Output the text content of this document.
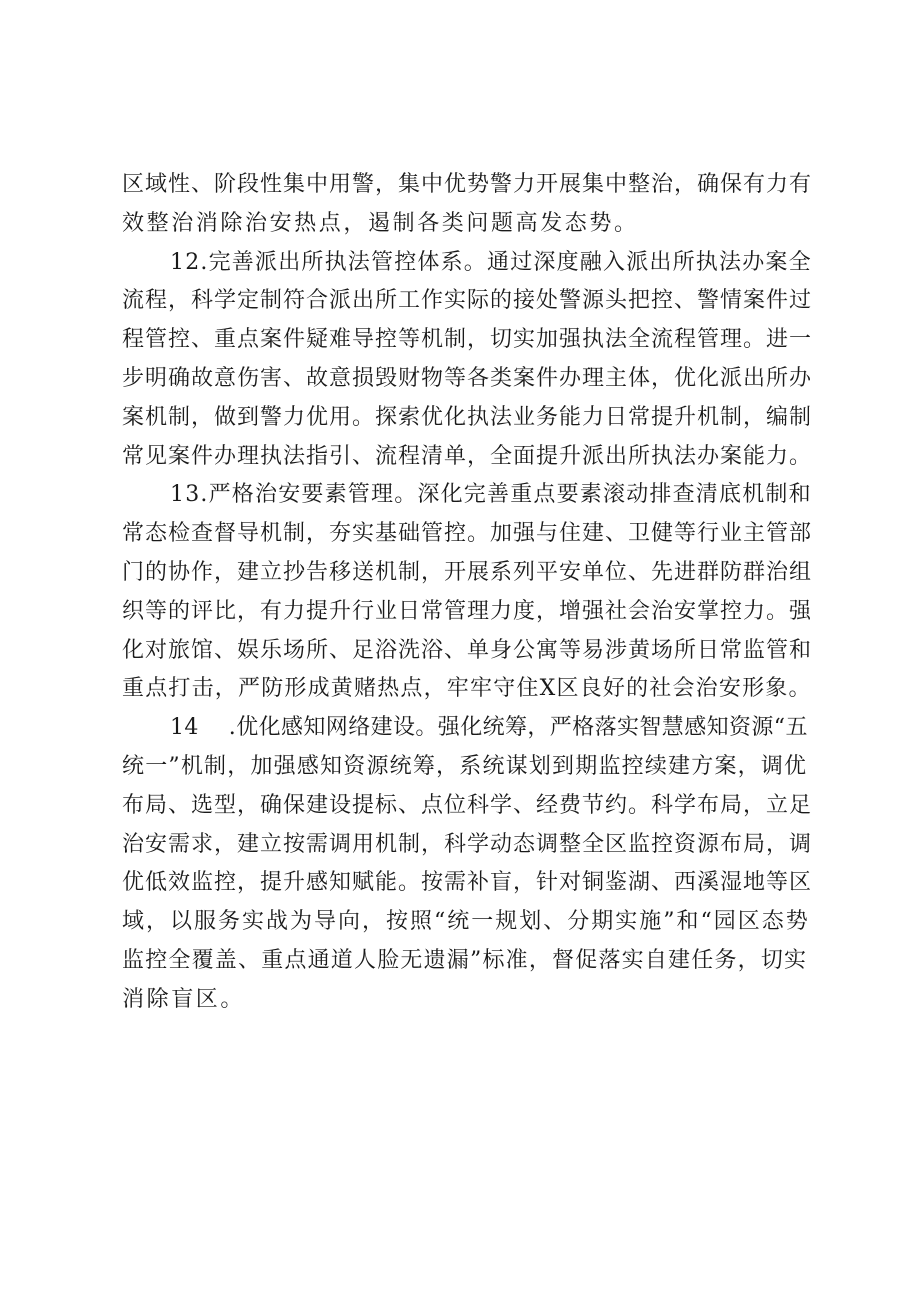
区域性、阶段性集中用警，集中优势警力开展集中整治，确保有力有
效整治消除治安热点，遏制各类问题高发态势。
12.完善派出所执法管控体系。通过深度融入派出所执法办案全
流程，科学定制符合派出所工作实际的接处警源头把控、警情案件过
程管控、重点案件疑难导控等机制，切实加强执法全流程管理。进一
步明确故意伤害、故意损毁财物等各类案件办理主体，优化派出所办
案机制，做到警力优用。探索优化执法业务能力日常提升机制，编制
常见案件办理执法指引、流程清单，全面提升派出所执法办案能力。
13.严格治安要素管理。深化完善重点要素滚动排查清底机制和
常态检查督导机制，夯实基础管控。加强与住建、卫健等行业主管部
门的协作，建立抄告移送机制，开展系列平安单位、先进群防群治组
织等的评比，有力提升行业日常管理力度，增强社会治安掌控力。强
化对旅馆、娱乐场所、足浴洗浴、单身公寓等易涉黄场所日常监管和
重点打击，严防形成黄赌热点，牢牢守住X区良好的社会治安形象。
14 .优化感知网络建设。强化统筹，严格落实智慧感知资源“五
统一”机制，加强感知资源统筹，系统谋划到期监控续建方案，调优
布局、选型，确保建设提标、点位科学、经费节约。科学布局，立足
治安需求，建立按需调用机制，科学动态调整全区监控资源布局，调
优低效监控，提升感知赋能。按需补盲，针对铜鉴湖、西溪湿地等区
域，以服务实战为导向，按照“统一规划、分期实施”和“园区态势
监控全覆盖、重点通道人脸无遗漏”标准，督促落实自建任务，切实
消除盲区。
